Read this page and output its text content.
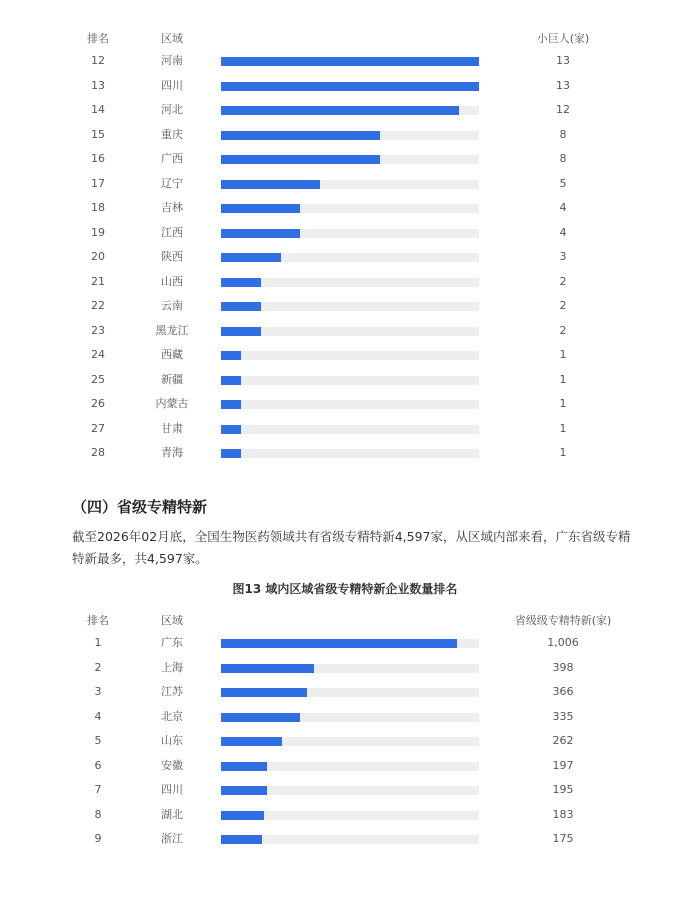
排名	区域	小巨人(家)
12	河南	13
13	四川	13
14	河北	12
15	重庆	8
16	广西	8
17	辽宁	5
18	吉林	4
19	江西	4
20	陕西	3
21	山西	2
22	云南	2
23	黑龙江	2
24	西藏	1
25	新疆	1
26	内蒙古	1
27	甘肃	1
28	青海	1
（四）省级专精特新
截至2026年02月底，全国生物医药领域共有省级专精特新4,597家，从区域内部来看，广东省级专精特新最多，共4,597家。
图13 域内区域省级专精特新企业数量排名
排名	区域	省级级专精特新(家)
1	广东	1,006
2	上海	398
3	江苏	366
4	北京	335
5	山东	262
6	安徽	197
7	四川	195
8	湖北	183
9	浙江	175
